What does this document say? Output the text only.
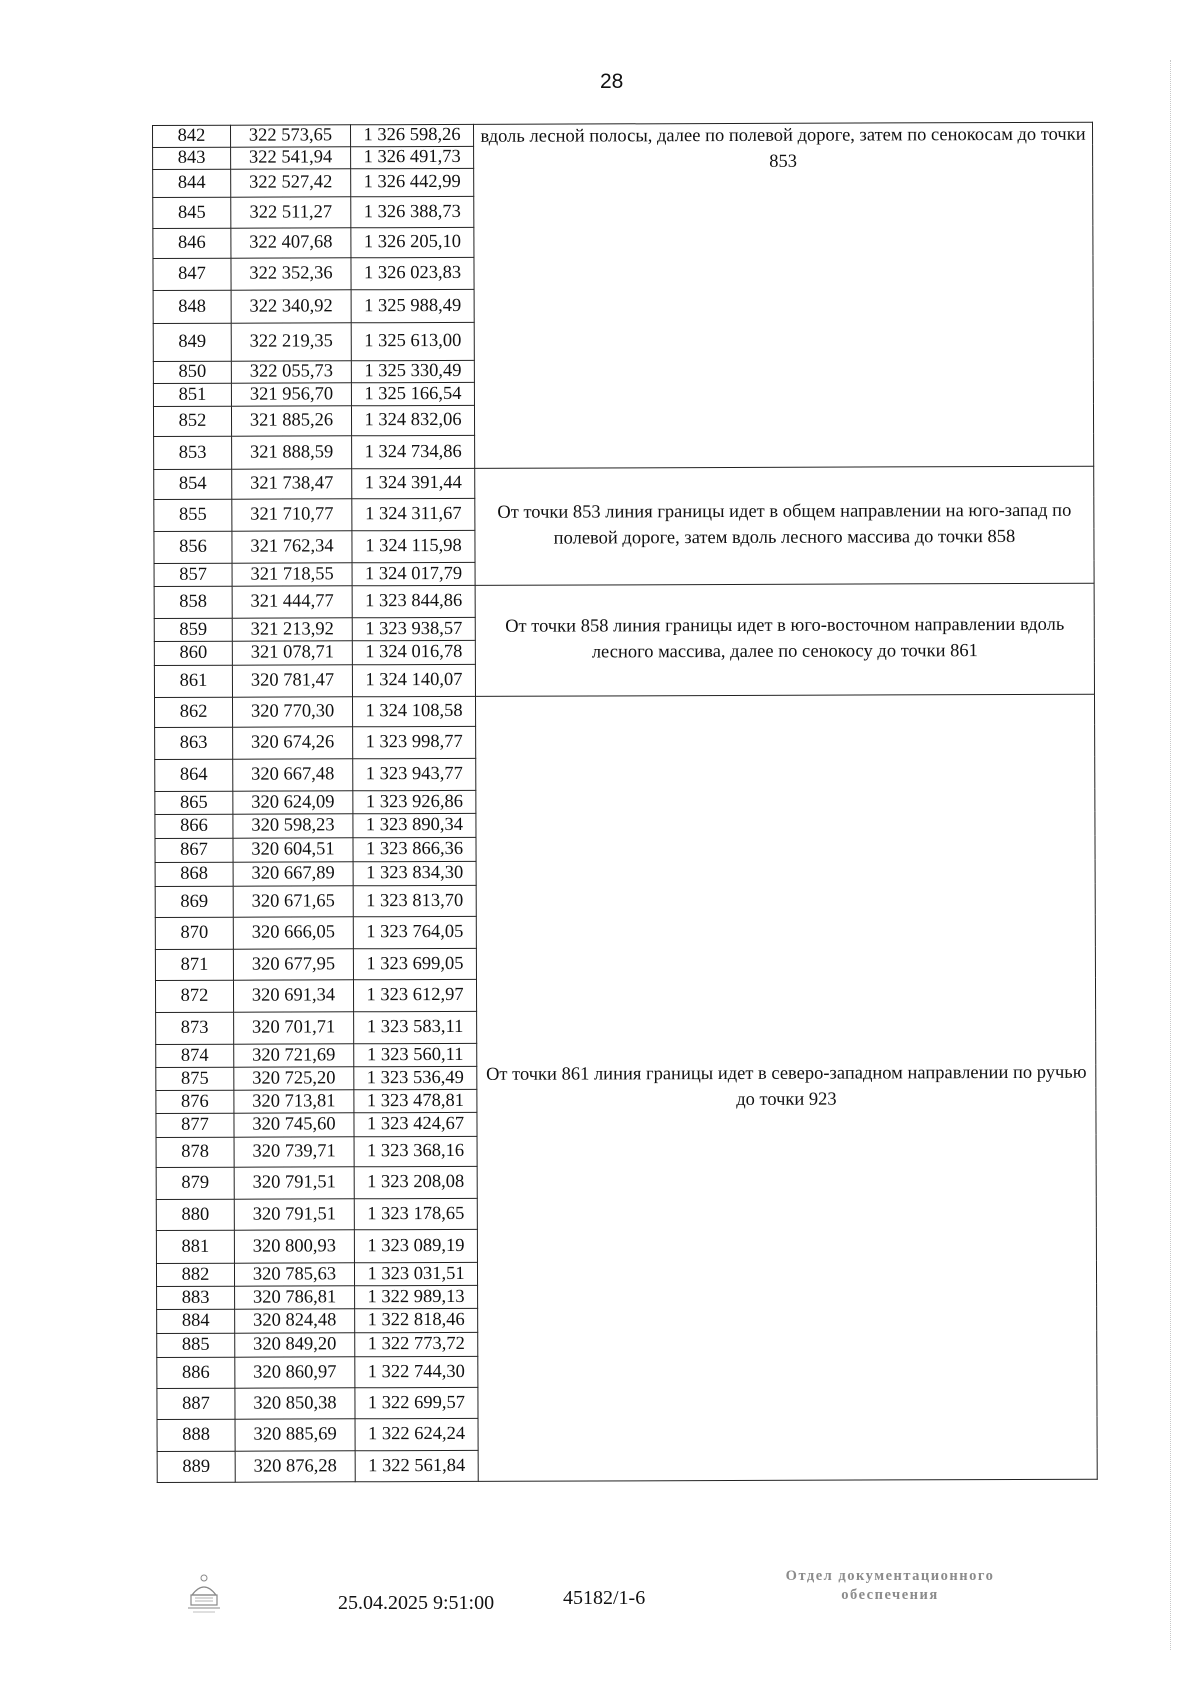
28
842	322 573,65	1 326 598,26	вдоль лесной полосы, далее по полевой дороге, затем по сенокосам до точки 853
843	322 541,94	1 326 491,73	
844	322 527,42	1 326 442,99	
845	322 511,27	1 326 388,73	
846	322 407,68	1 326 205,10	
847	322 352,36	1 326 023,83	
848	322 340,92	1 325 988,49	
849	322 219,35	1 325 613,00	
850	322 055,73	1 325 330,49	
851	321 956,70	1 325 166,54	
852	321 885,26	1 324 832,06	
853	321 888,59	1 324 734,86	
854	321 738,47	1 324 391,44	От точки 853 линия границы идет в общем направлении на юго-запад по полевой дороге, затем вдоль лесного массива до точки 858
855	321 710,77	1 324 311,67	
856	321 762,34	1 324 115,98	
857	321 718,55	1 324 017,79	
858	321 444,77	1 323 844,86	От точки 858 линия границы идет в юго-восточном направлении вдоль лесного массива, далее по сенокосу до точки 861
859	321 213,92	1 323 938,57	
860	321 078,71	1 324 016,78	
861	320 781,47	1 324 140,07	
862	320 770,30	1 324 108,58	От точки 861 линия границы идет в северо-западном направлении по ручью до точки 923
863	320 674,26	1 323 998,77	
864	320 667,48	1 323 943,77	
865	320 624,09	1 323 926,86	
866	320 598,23	1 323 890,34	
867	320 604,51	1 323 866,36	
868	320 667,89	1 323 834,30	
869	320 671,65	1 323 813,70	
870	320 666,05	1 323 764,05	
871	320 677,95	1 323 699,05	
872	320 691,34	1 323 612,97	
873	320 701,71	1 323 583,11	
874	320 721,69	1 323 560,11	
875	320 725,20	1 323 536,49	
876	320 713,81	1 323 478,81	
877	320 745,60	1 323 424,67	
878	320 739,71	1 323 368,16	
879	320 791,51	1 323 208,08	
880	320 791,51	1 323 178,65	
881	320 800,93	1 323 089,19	
882	320 785,63	1 323 031,51	
883	320 786,81	1 322 989,13	
884	320 824,48	1 322 818,46	
885	320 849,20	1 322 773,72	
886	320 860,97	1 322 744,30	
887	320 850,38	1 322 699,57	
888	320 885,69	1 322 624,24	
889	320 876,28	1 322 561,84	
25.04.2025 9:51:00	45182/1-6
Отдел документационного
обеспечения
